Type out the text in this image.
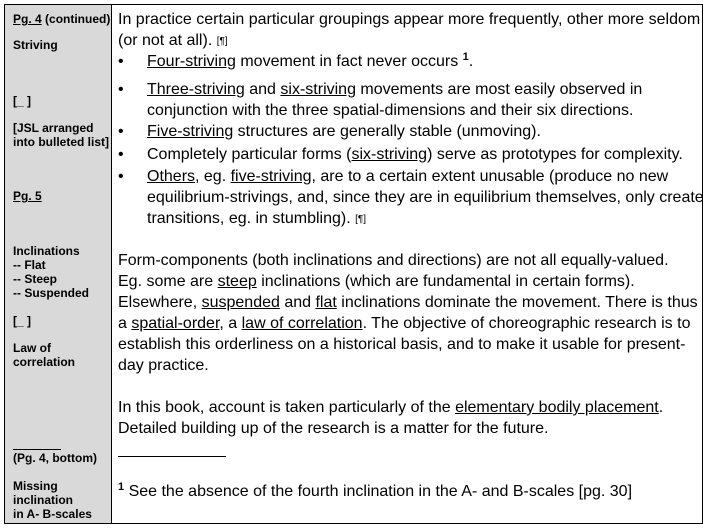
Pg. 4 (continued)
Striving
[_ ]
[JSL arranged
into bulleted list]
Pg. 5
Inclinations
-- Flat
-- Steep
-- Suspended
[_ ]
Law of
correlation
(Pg. 4, bottom)
Missing
inclination
in A- B-scales
In practice certain particular groupings appear more frequently, other more seldom
(or not at all). [¶]
•	Four-striving movement in fact never occurs $^1$.
•	Three-striving and six-striving movements are most easily observed in
conjunction with the three spatial-dimensions and their six directions.
•	Five-striving structures are generally stable (unmoving).
•	Completely particular forms (six-striving) serve as prototypes for complexity.
•	Others, eg. five-striving, are to a certain extent unusable (produce no new
equilibrium-strivings, and, since they are in equilibrium themselves, only create
transitions, eg. in stumbling). [¶]
Form-components (both inclinations and directions) are not all equally-valued.
Eg. some are steep inclinations (which are fundamental in certain forms).
Elsewhere, suspended and flat inclinations dominate the movement. There is thus
a spatial-order, a law of correlation. The objective of choreographic research is to
establish this orderliness on a historical basis, and to make it usable for present-
day practice.
In this book, account is taken particularly of the elementary bodily placement.
Detailed building up of the research is a matter for the future.
$^1$ See the absence of the fourth inclination in the A- and B-scales [pg. 30]
